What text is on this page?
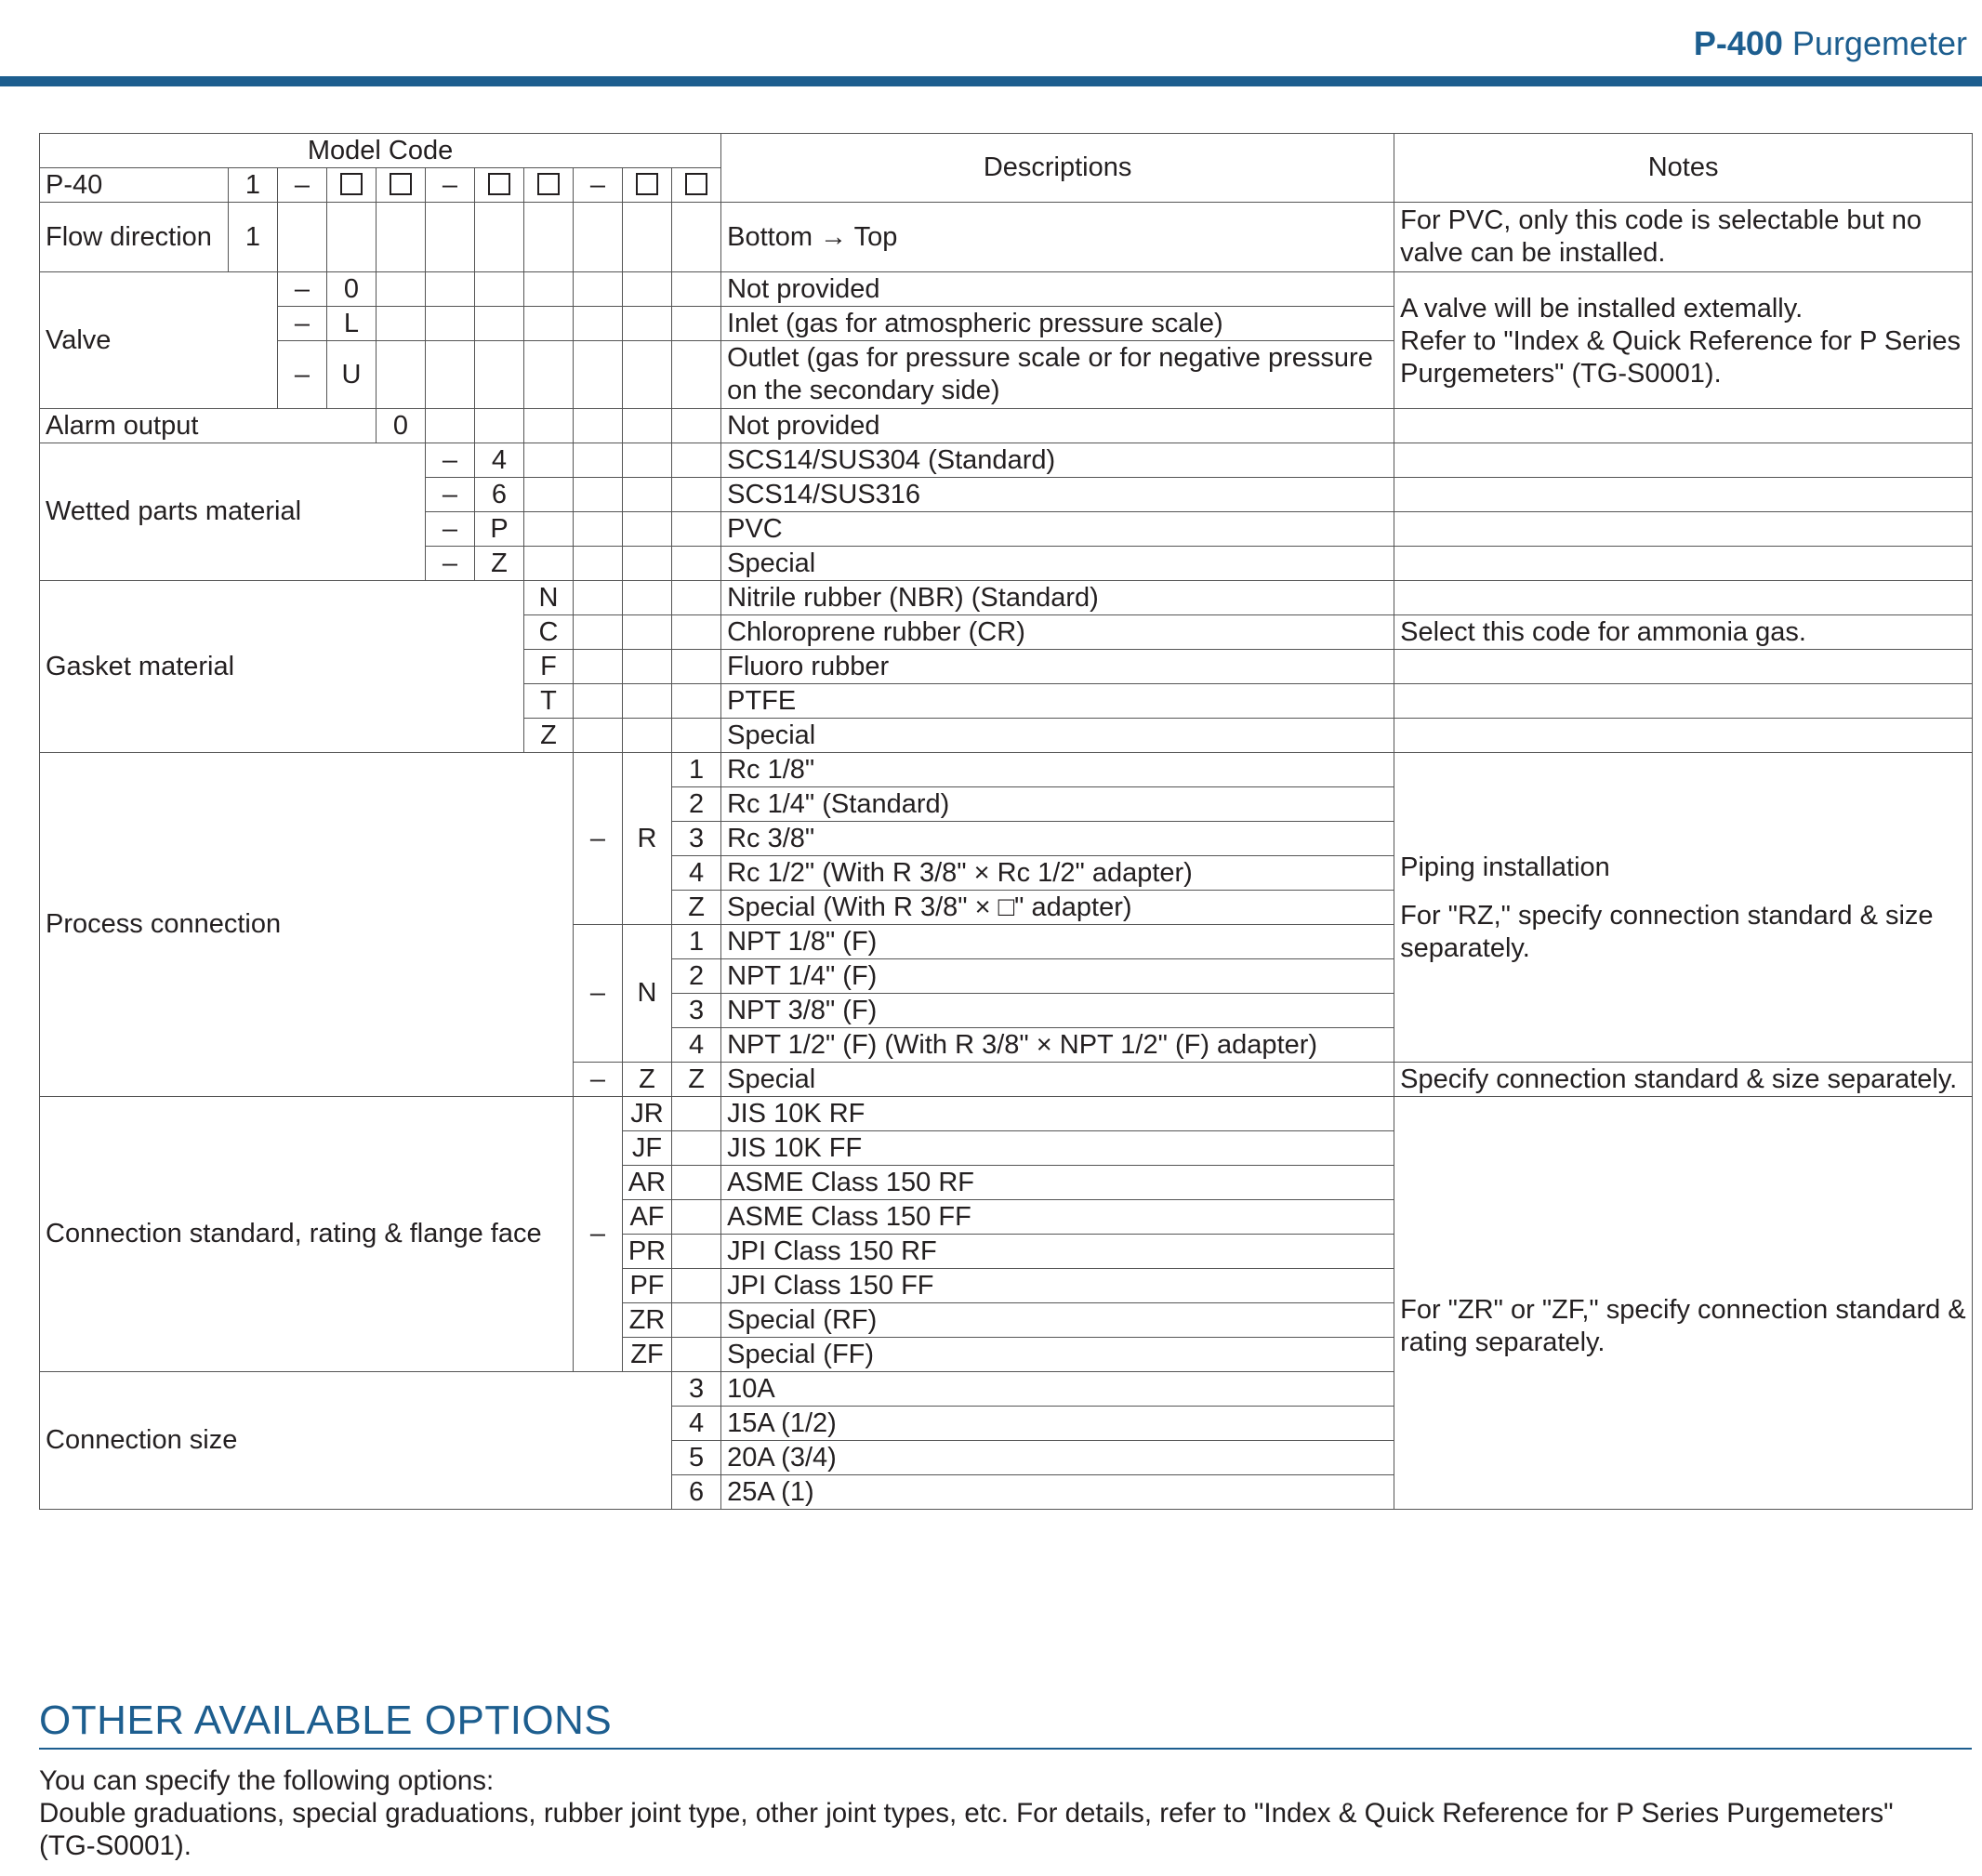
P-400 Purgemeter
Model Code											Descriptions	Notes
P-40	1	–			–			–				
Flow direction	1										Bottom → Top	For PVC, only this code is selectable but no valve can be installed.
Valve		–	0								Not provided	A valve will be installed extemally.
Refer to "Index & Quick Reference for P Series Purgemeters" (TG-S0001).
		–	L								Inlet (gas for atmospheric pressure scale)	
		–	U								Outlet (gas for pressure scale or for negative pressure on the secondary side)	
Alarm output				0							Not provided	
Wetted parts material					–	4					SCS14/SUS304 (Standard)	
					–	6					SCS14/SUS316	
					–	P					PVC	
					–	Z					Special	
Gasket material							N				Nitrile rubber (NBR) (Standard)	
							C				Chloroprene rubber (CR)	Select this code for ammonia gas.
							F				Fluoro rubber	
							T				PTFE	
							Z				Special	
Process connection								–	R	1	Rc 1/8"	Piping installation
For "RZ," specify connection standard & size separately.

										2	Rc 1/4" (Standard)	
										3	Rc 3/8"	
										4	Rc 1/2" (With R 3/8" × Rc 1/2" adapter)	
										Z	Special (With R 3/8" × □" adapter)	
								–	N	1	NPT 1/8" (F)	
										2	NPT 1/4" (F)	
										3	NPT 3/8" (F)	
										4	NPT 1/2" (F) (With R 3/8" × NPT 1/2" (F) adapter)	
								–	Z	Z	Special	Specify connection standard & size separately.
Connection standard, rating & flange face								–	JR		JIS 10K RF	For "ZR" or "ZF," specify connection standard & rating separately.
									JF		JIS 10K FF	
									AR		ASME Class 150 RF	
									AF		ASME Class 150 FF	
									PR		JPI Class 150 RF	
									PF		JPI Class 150 FF	
									ZR		Special (RF)	
									ZF		Special (FF)	
Connection size										3	10A	
										4	15A (1/2)	
										5	20A (3/4)	
										6	25A (1)	
OTHER AVAILABLE OPTIONS
You can specify the following options:
Double graduations, special graduations, rubber joint type, other joint types, etc. For details, refer to "Index & Quick Reference for P Series Purgemeters"
(TG-S0001).
